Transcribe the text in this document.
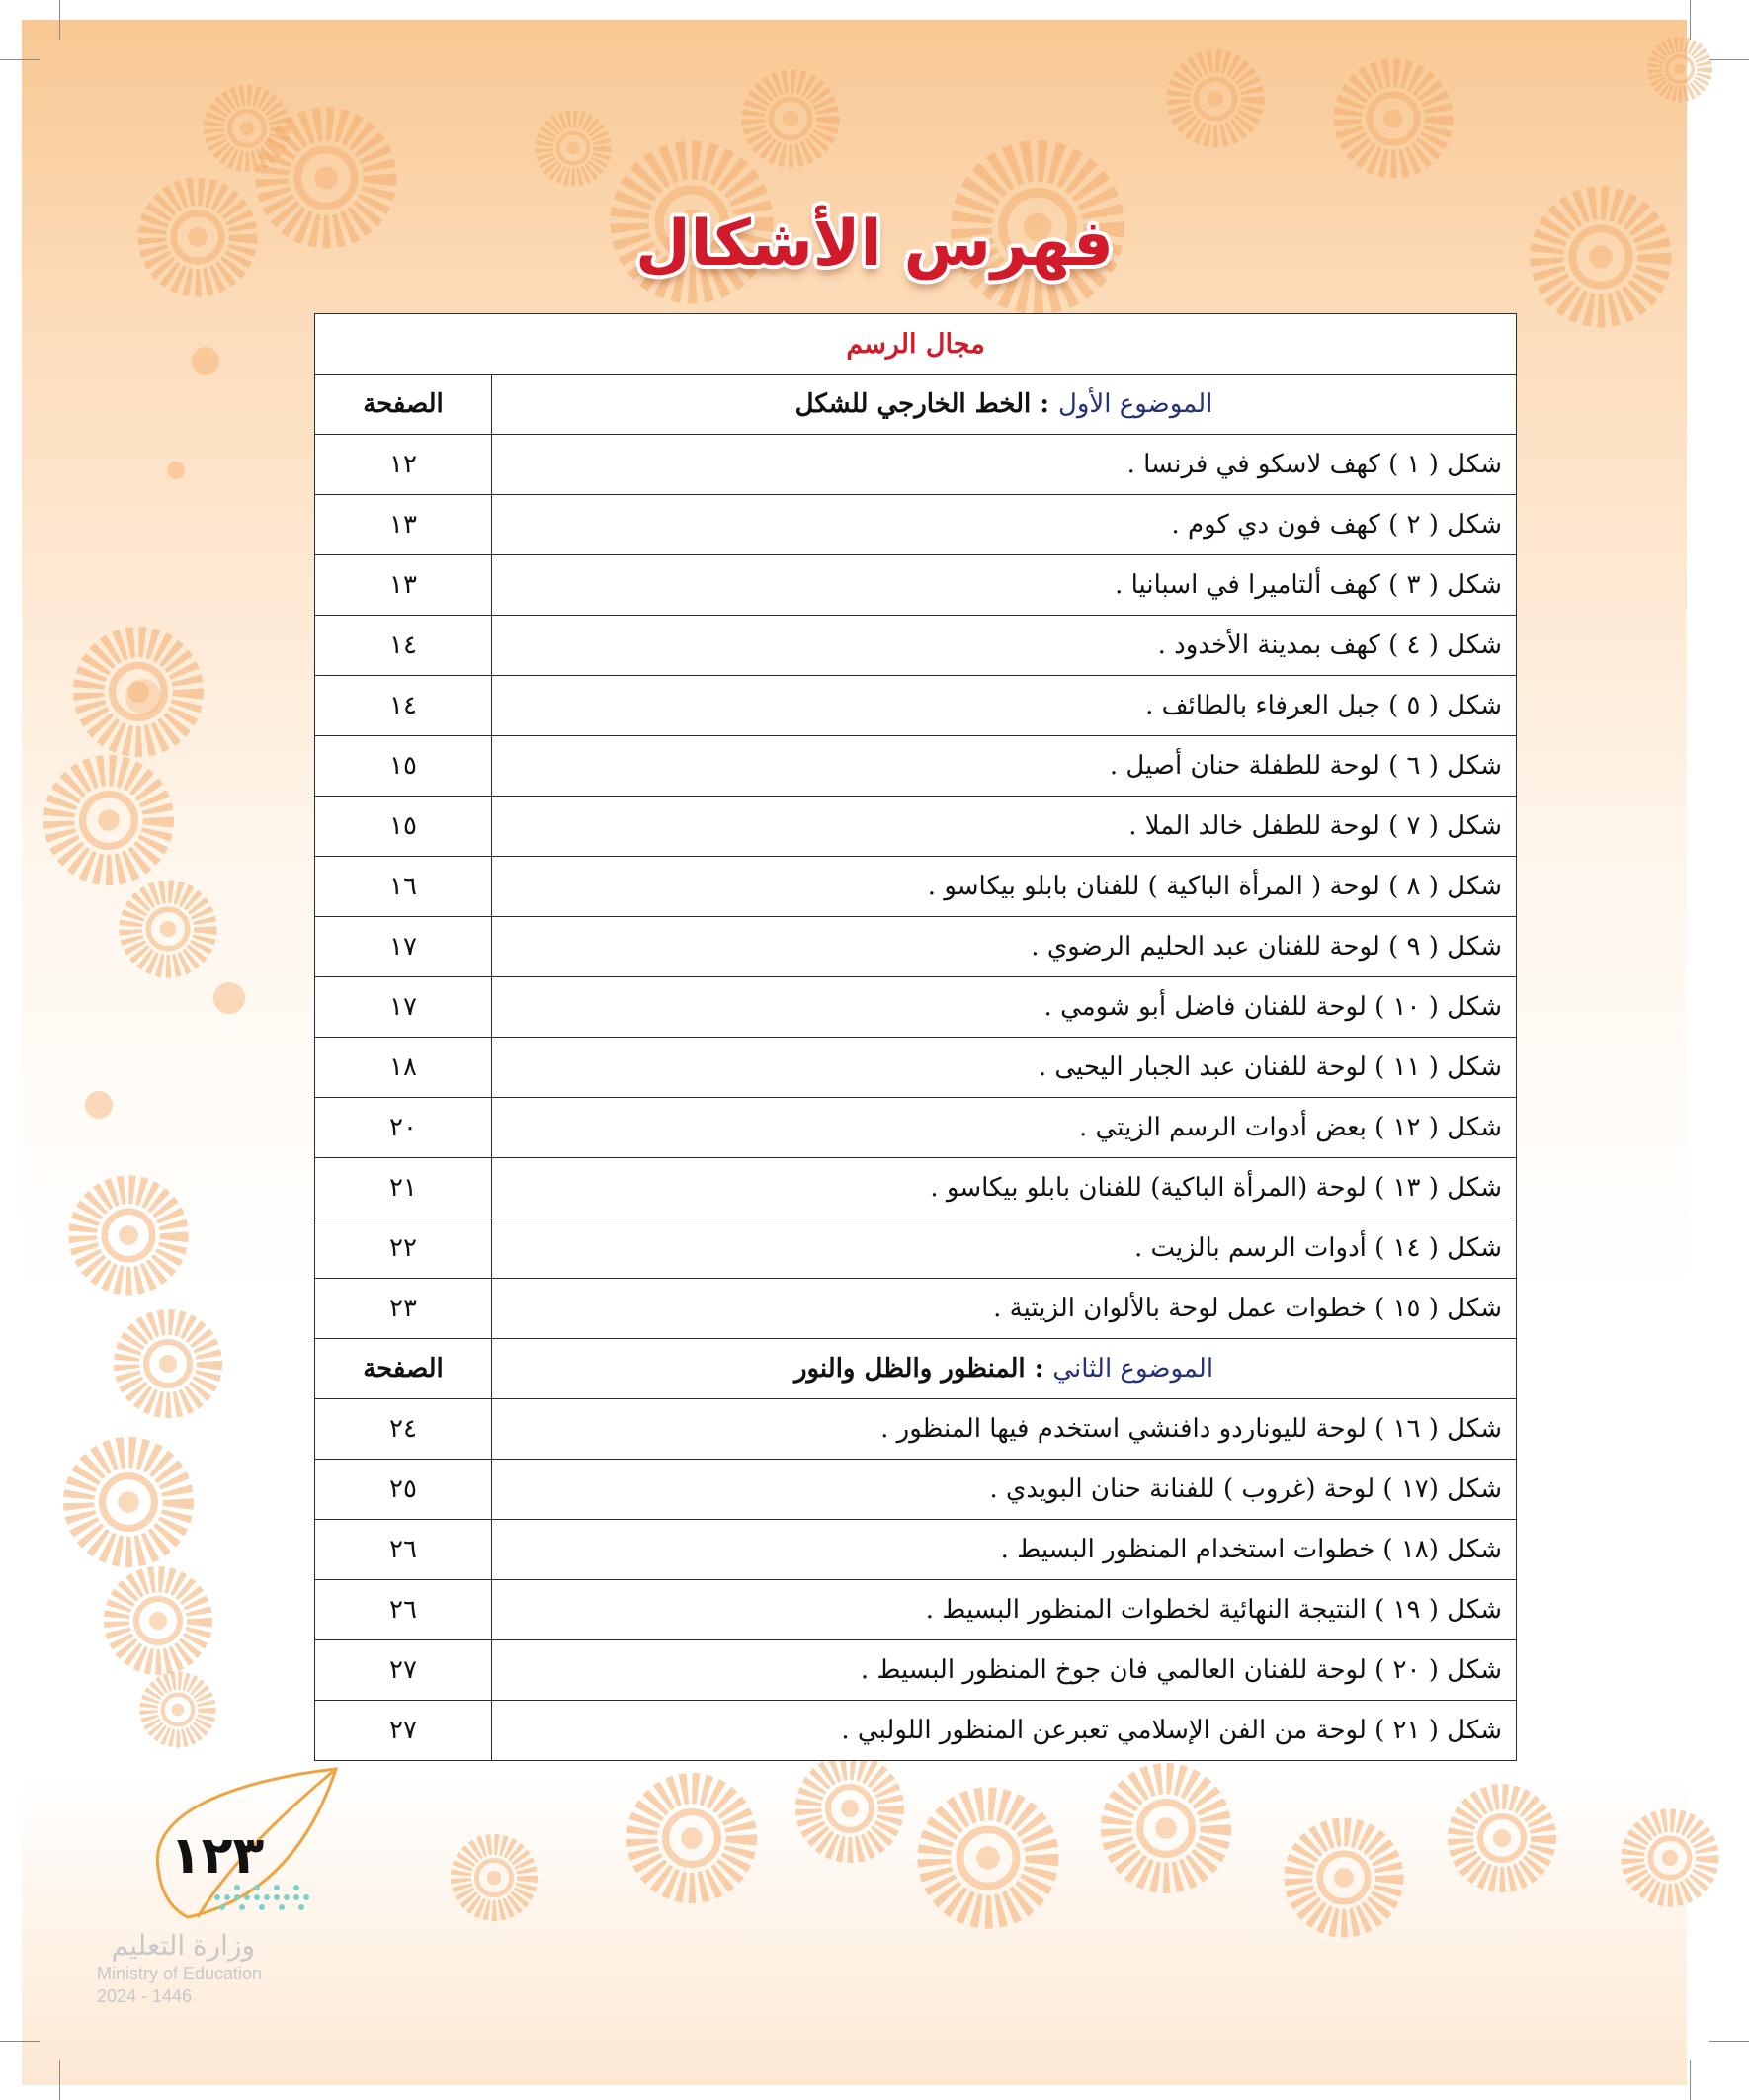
فهرس الأشكال
مجال الرسم	
الموضوع الأول : الخط الخارجي للشكل	الصفحة
شكل ( ١ ) كهف لاسكو في فرنسا .	١٢
شكل ( ٢ ) كهف فون دي كوم .	١٣
شكل ( ٣ ) كهف ألتاميرا في اسبانيا .	١٣
شكل ( ٤ ) كهف بمدينة الأخدود .	١٤
شكل ( ٥ ) جبل العرفاء بالطائف .	١٤
شكل ( ٦ ) لوحة للطفلة حنان أصيل .	١٥
شكل ( ٧ ) لوحة للطفل خالد الملا .	١٥
شكل ( ٨ ) لوحة ( المرأة الباكية ) للفنان بابلو بيكاسو .	١٦
شكل ( ٩ ) لوحة للفنان عبد الحليم الرضوي .	١٧
شكل ( ١٠ ) لوحة للفنان فاضل أبو شومي .	١٧
شكل ( ١١ ) لوحة للفنان عبد الجبار اليحيى .	١٨
شكل ( ١٢ ) بعض أدوات الرسم الزيتي .	٢٠
شكل ( ١٣ ) لوحة (المرأة الباكية) للفنان بابلو بيكاسو .	٢١
شكل ( ١٤ ) أدوات الرسم بالزيت .	٢٢
شكل ( ١٥ ) خطوات عمل لوحة بالألوان الزيتية .	٢٣
الموضوع الثاني : المنظور والظل والنور	الصفحة
شكل ( ١٦ ) لوحة لليوناردو دافنشي استخدم فيها المنظور .	٢٤
شكل (١٧ ) لوحة (غروب ) للفنانة حنان البويدي .	٢٥
شكل (١٨ ) خطوات استخدام المنظور البسيط .	٢٦
شكل ( ١٩ ) النتيجة النهائية لخطوات المنظور البسيط .	٢٦
شكل ( ٢٠ ) لوحة للفنان العالمي فان جوخ المنظور البسيط .	٢٧
شكل ( ٢١ ) لوحة من الفن الإسلامي تعبرعن المنظور اللولبي .	٢٧
١٢٣
وزارة التعليم
Ministry of Education
2024 - 1446
